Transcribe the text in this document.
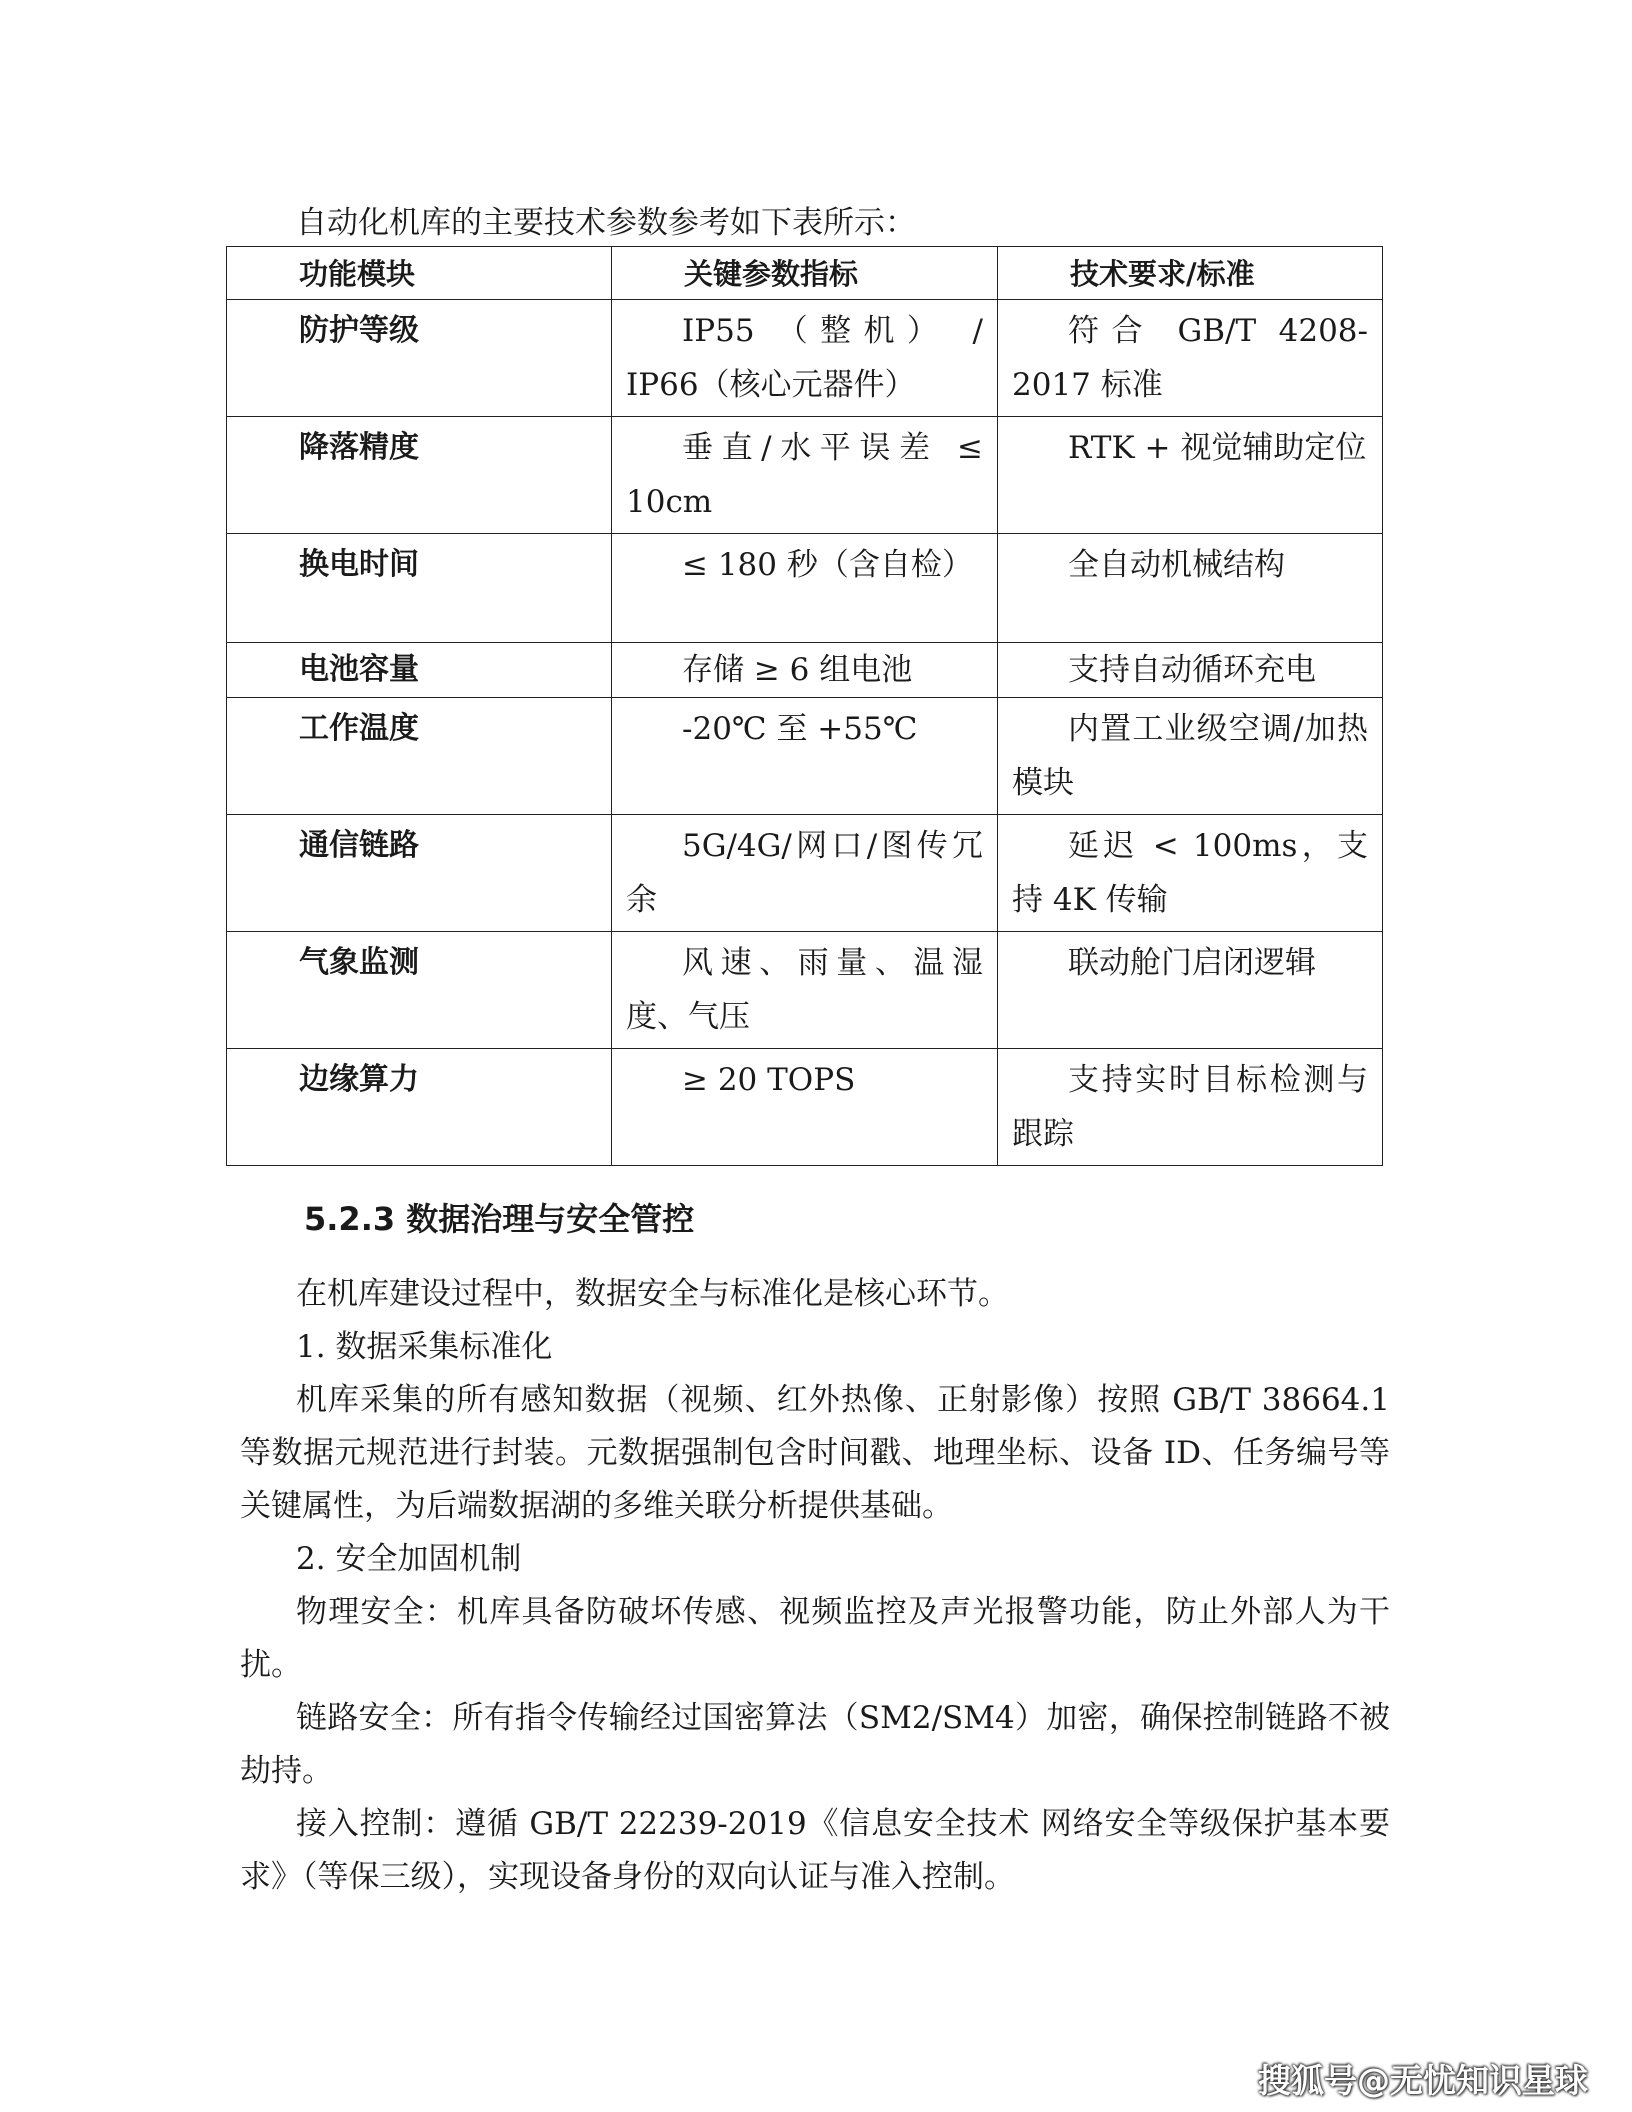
自动化机库的主要技术参数参考如下表所示：

功能模块	关键参数指标	技术要求/标准
防护等级	IP55 （整机） / IP66（核心元器件）	符合 GB/T 4208-2017 标准
降落精度	垂直/水平误差 ≤ 10cm	RTK + 视觉辅助定位
换电时间	≤ 180 秒（含自检）	全自动机械结构
电池容量	存储 ≥ 6 组电池	支持自动循环充电
工作温度	-20℃ 至 +55℃	内置工业级空调/加热模块
通信链路	5G/4G/网口/图传冗余	延迟 < 100ms，支持 4K 传输
气象监测	风速、雨量、温湿度、气压	联动舱门启闭逻辑
边缘算力	≥ 20 TOPS	支持实时目标检测与跟踪
5.2.3 数据治理与安全管控

在机库建设过程中，数据安全与标准化是核心环节。

1. 数据采集标准化

机库采集的所有感知数据（视频、红外热像、正射影像）按照 GB/T 38664.1 等数据元规范进行封装。元数据强制包含时间戳、地理坐标、设备 ID、任务编号等关键属性，为后端数据湖的多维关联分析提供基础。

2. 安全加固机制

物理安全：机库具备防破坏传感、视频监控及声光报警功能，防止外部人为干扰。

链路安全：所有指令传输经过国密算法（SM2/SM4）加密，确保控制链路不被劫持。

接入控制：遵循 GB/T 22239-2019《信息安全技术 网络安全等级保护基本要求》（等保三级），实现设备身份的双向认证与准入控制。

搜狐号@无忧知识星球
